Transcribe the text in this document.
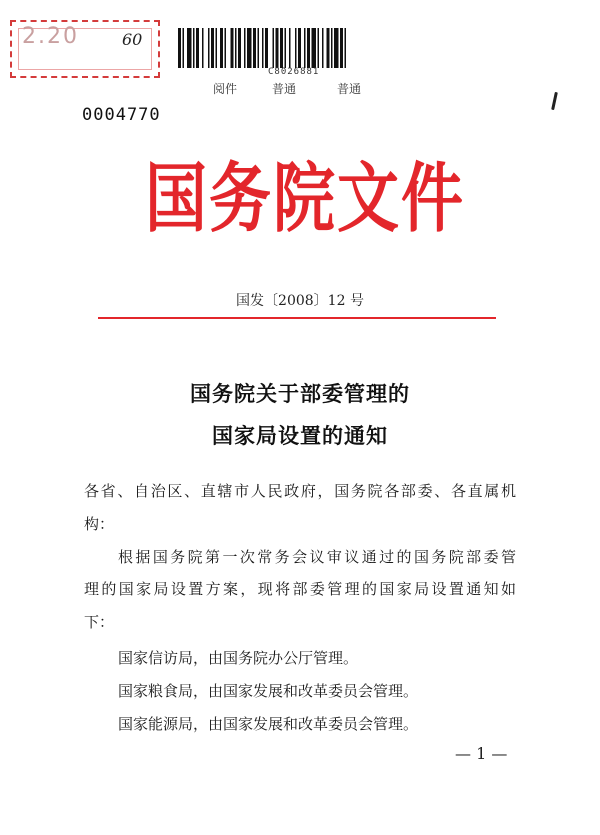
2.20	60
C8026881
阅件	普通	普通
0004770
国务院文件
国发〔2008〕12 号
国务院关于部委管理的
国家局设置的通知
各省、自治区、直辖市人民政府，国务院各部委、各直属机
构：
根据国务院第一次常务会议审议通过的国务院部委管
理的国家局设置方案，现将部委管理的国家局设置通知如
下：
国家信访局，由国务院办公厅管理。
国家粮食局，由国家发展和改革委员会管理。
国家能源局，由国家发展和改革委员会管理。
— 1 —
